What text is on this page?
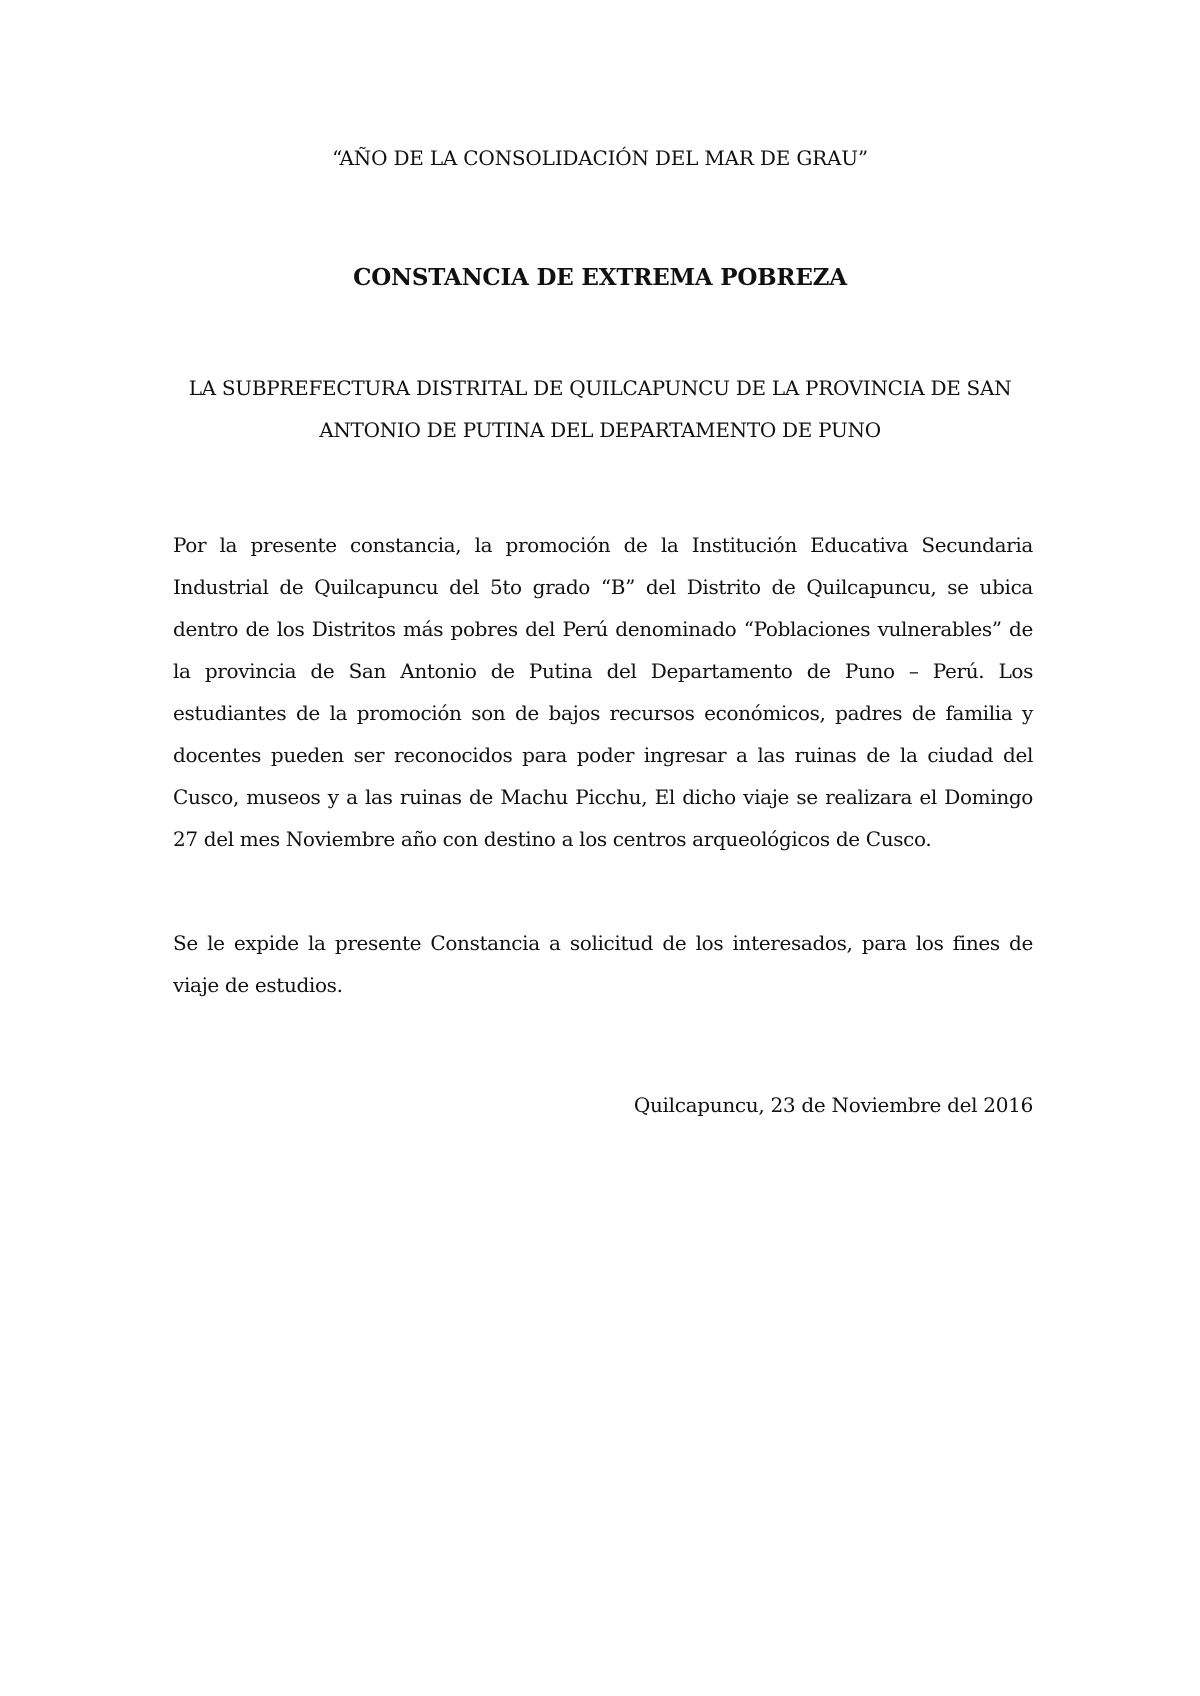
“AÑO DE LA CONSOLIDACIÓN DEL MAR DE GRAU”
CONSTANCIA DE EXTREMA POBREZA
LA SUBPREFECTURA DISTRITAL DE QUILCAPUNCU DE LA PROVINCIA DE SAN
ANTONIO DE PUTINA DEL DEPARTAMENTO DE PUNO

Por la presente constancia, la promoción de la Institución Educativa Secundaria Industrial de Quilcapuncu del 5to grado “B” del Distrito de Quilcapuncu, se ubica dentro de los Distritos más pobres del Perú denominado “Poblaciones vulnerables” de la provincia de San Antonio de Putina del Departamento de Puno – Perú. Los estudiantes de la promoción son de bajos recursos económicos, padres de familia y docentes pueden ser reconocidos para poder ingresar a las ruinas de la ciudad del Cusco, museos y a las ruinas de Machu Picchu, El dicho viaje se realizara el Domingo 27 del mes Noviembre año con destino a los centros arqueológicos de Cusco.

Se le expide la presente Constancia a solicitud de los interesados, para los fines de viaje de estudios.

Quilcapuncu, 23 de Noviembre del 2016
